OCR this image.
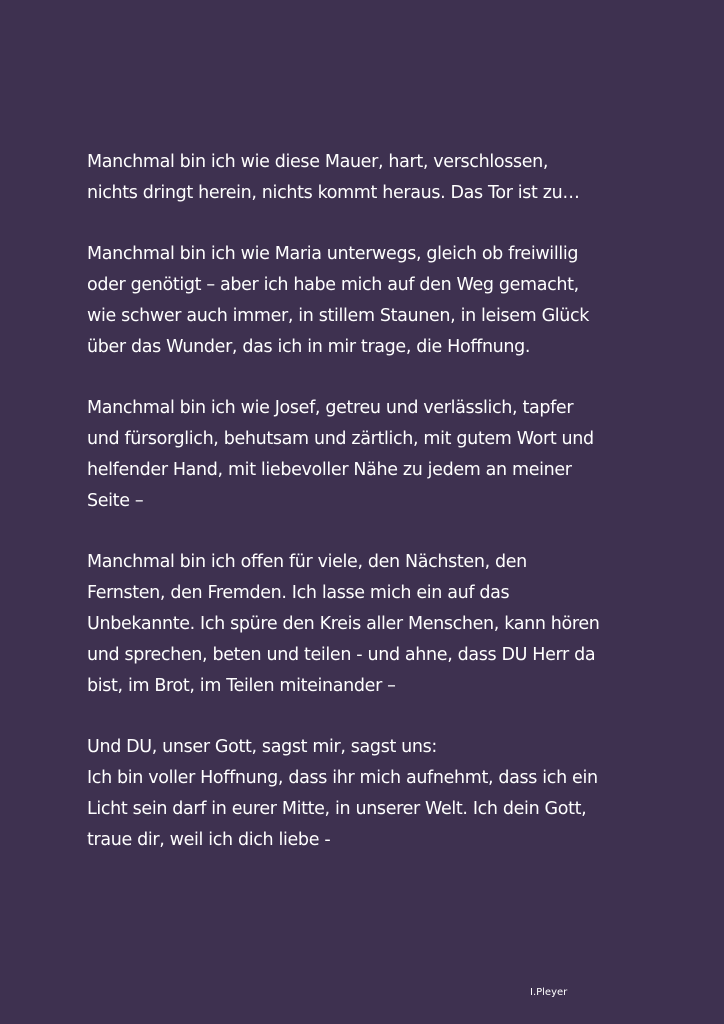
Manchmal bin ich wie diese Mauer, hart, verschlossen,
nichts dringt herein, nichts kommt heraus. Das Tor ist zu…

Manchmal bin ich wie Maria unterwegs, gleich ob freiwillig
oder genötigt – aber ich habe mich auf den Weg gemacht,
wie schwer auch immer, in stillem Staunen, in leisem Glück
über das Wunder, das ich in mir trage, die Hoffnung.

Manchmal bin ich wie Josef, getreu und verlässlich, tapfer
und fürsorglich, behutsam und zärtlich, mit gutem Wort und
helfender Hand, mit liebevoller Nähe zu jedem an meiner
Seite –

Manchmal bin ich offen für viele, den Nächsten, den
Fernsten, den Fremden. Ich lasse mich ein auf das
Unbekannte. Ich spüre den Kreis aller Menschen, kann hören
und sprechen, beten und teilen - und ahne, dass DU Herr da
bist, im Brot, im Teilen miteinander –

Und DU, unser Gott, sagst mir, sagst uns:
Ich bin voller Hoffnung, dass ihr mich aufnehmt, dass ich ein
Licht sein darf in eurer Mitte, in unserer Welt. Ich dein Gott,
traue dir, weil ich dich liebe -

I.Pleyer
